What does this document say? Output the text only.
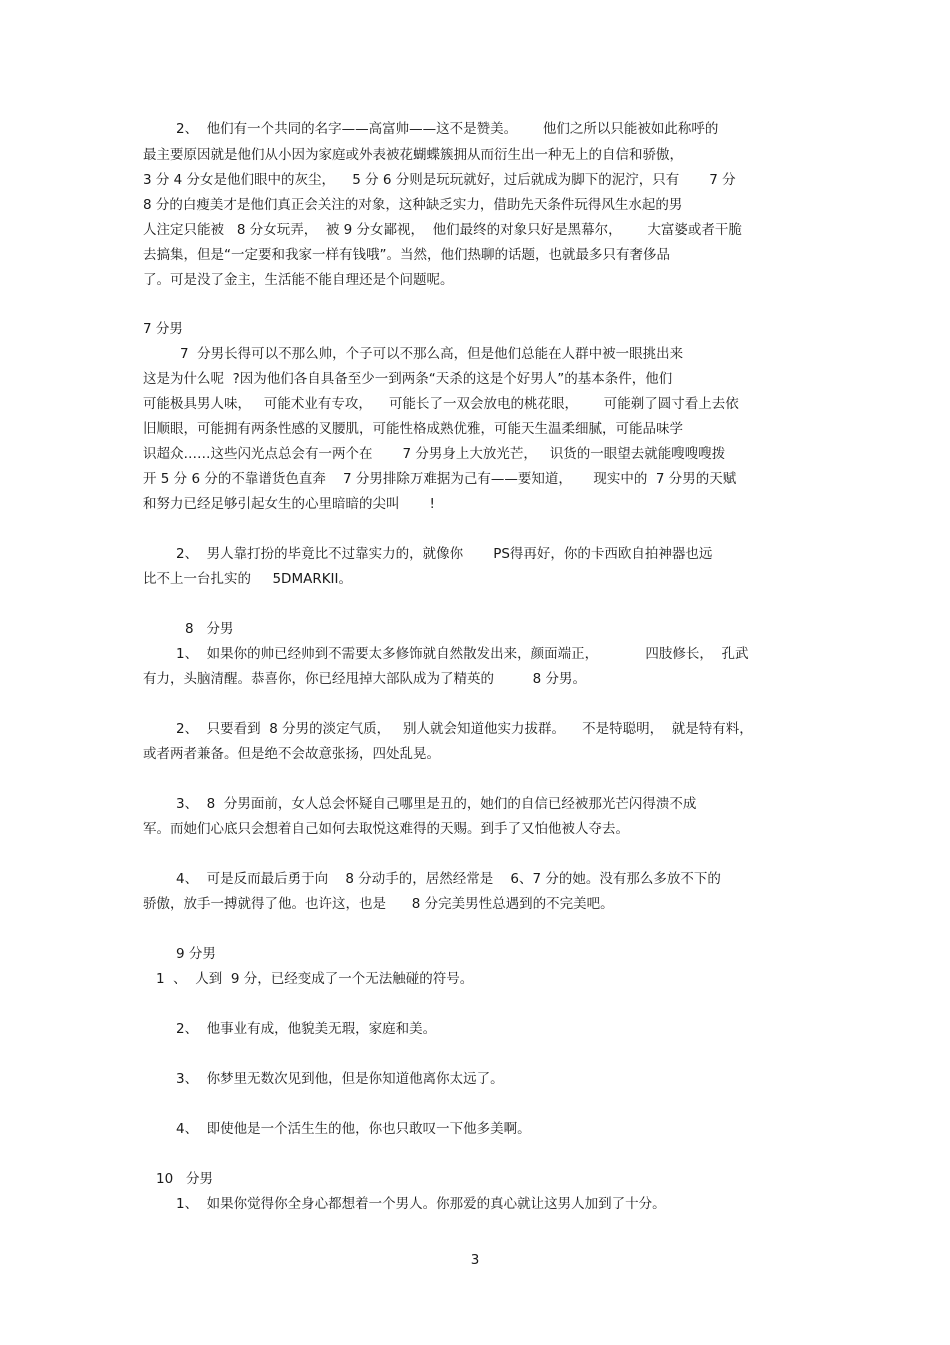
2、  他们有一个共同的名字——高富帅——这不是赞美。      他们之所以只能被如此称呼的
最主要原因就是他们从小因为家庭或外表被花蝴蝶簇拥从而衍生出一种无上的自信和骄傲，
3 分 4 分女是他们眼中的灰尘，    5 分 6 分则是玩玩就好，过后就成为脚下的泥泞，只有       7 分
8 分的白瘦美才是他们真正会关注的对象，这种缺乏实力，借助先天条件玩得风生水起的男
人注定只能被   8 分女玩弄，  被 9 分女鄙视，  他们最终的对象只好是黑幕尔，      大富婆或者干脆
去搞集，但是“一定要和我家一样有钱哦”。当然，他们热聊的话题，也就最多只有奢侈品
了。可是没了金主，生活能不能自理还是个问题呢。
7 分男
7  分男长得可以不那么帅，个子可以不那么高，但是他们总能在人群中被一眼挑出来
这是为什么呢  ?因为他们各自具备至少一到两条“天杀的这是个好男人”的基本条件，他们
可能极具男人味，   可能术业有专攻，    可能长了一双会放电的桃花眼，      可能剃了圆寸看上去依
旧顺眼，可能拥有两条性感的叉腰肌，可能性格成熟优雅，可能天生温柔细腻，可能品味学
识超众……这些闪光点总会有一两个在       7 分男身上大放光芒，   识货的一眼望去就能嗖嗖嗖拨
开 5 分 6 分的不靠谱货色直奔    7 分男排除万难据为己有——要知道，     现实中的  7 分男的天赋
和努力已经足够引起女生的心里暗暗的尖叫       !
2、  男人靠打扮的毕竟比不过靠实力的，就像你       PS得再好，你的卡西欧自拍神器也远
比不上一台扎实的     5DMARKII。
8   分男
1、  如果你的帅已经帅到不需要太多修饰就自然散发出来，颜面端正，           四肢修长，  孔武
有力，头脑清醒。恭喜你，你已经甩掉大部队成为了精英的         8 分男。
2、  只要看到  8 分男的淡定气质，   别人就会知道他实力拔群。    不是特聪明，  就是特有料，
或者两者兼备。但是绝不会故意张扬，四处乱晃。
3、  8  分男面前，女人总会怀疑自己哪里是丑的，她们的自信已经被那光芒闪得溃不成
军。而她们心底只会想着自己如何去取悦这难得的天赐。到手了又怕他被人夺去。
4、  可是反而最后勇于向    8 分动手的，居然经常是    6、7 分的她。没有那么多放不下的
骄傲，放手一搏就得了他。也许这，也是      8 分完美男性总遇到的不完美吧。
9 分男
1  、  人到  9 分，已经变成了一个无法触碰的符号。
2、  他事业有成，他貌美无瑕，家庭和美。
3、  你梦里无数次见到他，但是你知道他离你太远了。
4、  即使他是一个活生生的他，你也只敢叹一下他多美啊。
10   分男
1、  如果你觉得你全身心都想着一个男人。你那爱的真心就让这男人加到了十分。
3
